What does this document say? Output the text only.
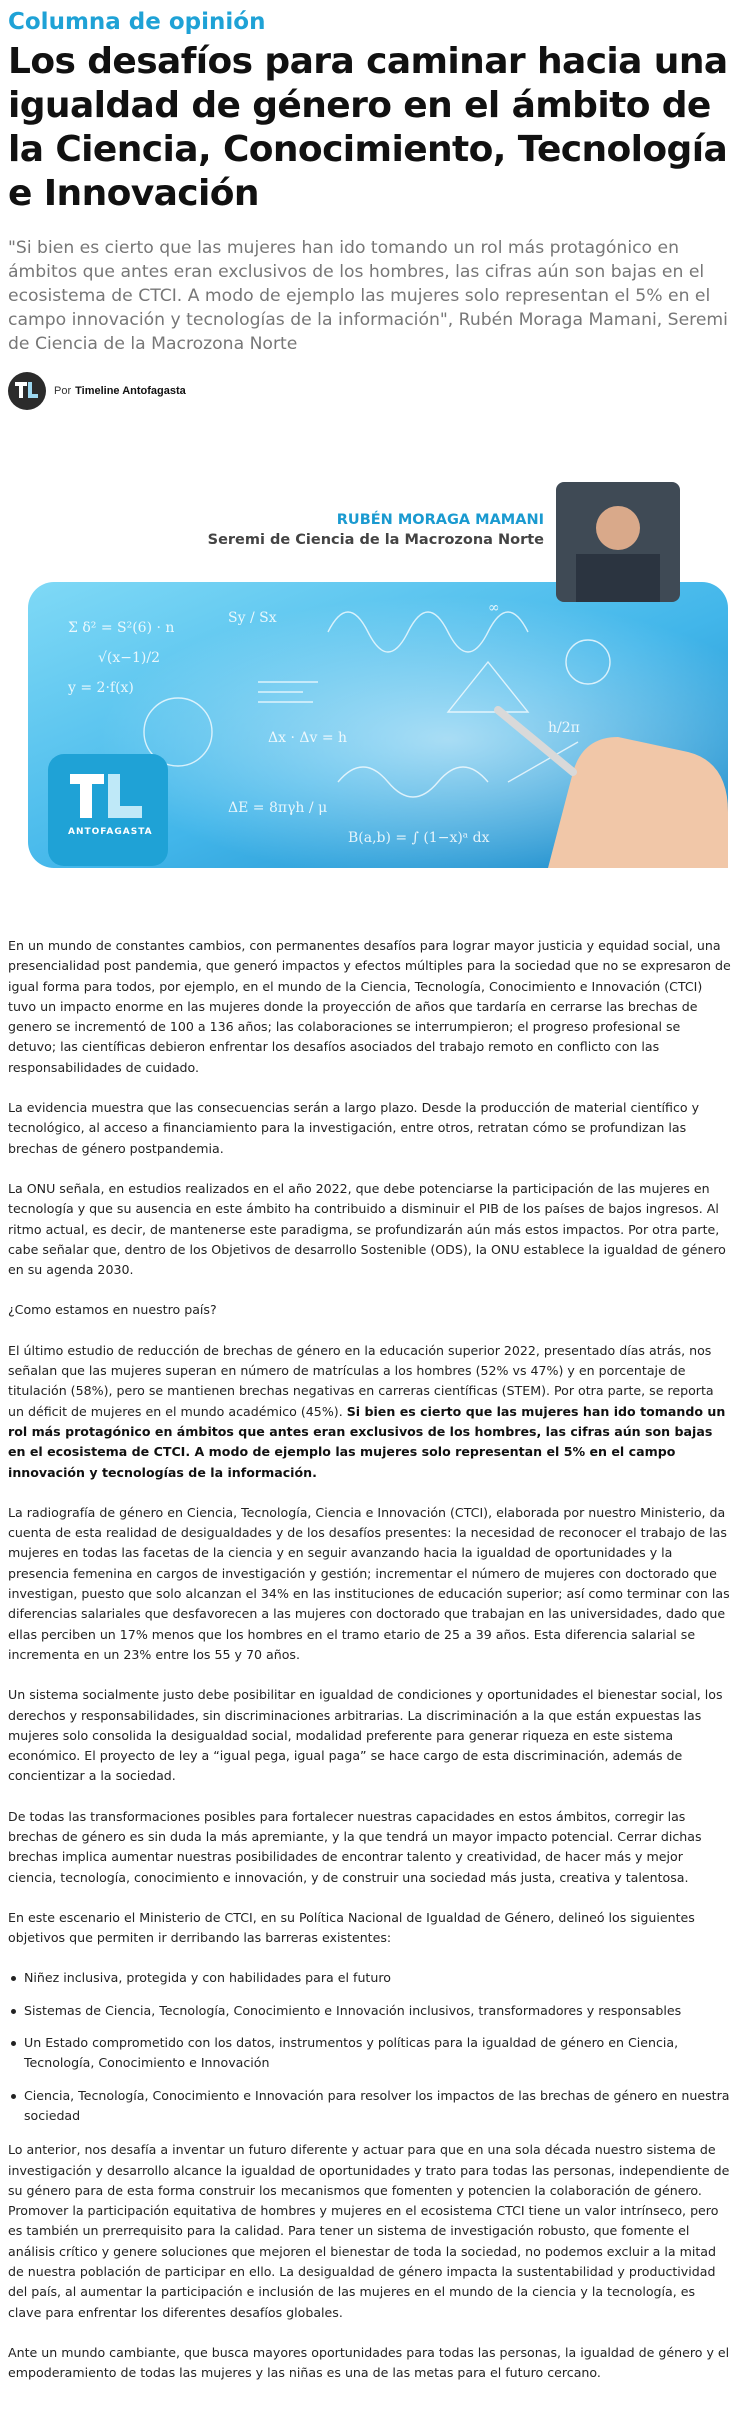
Columna de opinión
Los desafíos para caminar hacia una igualdad de género en el ámbito de la Ciencia, Conocimiento, Tecnología e Innovación

"Si bien es cierto que las mujeres han ido tomando un rol más protagónico en ámbitos que antes eran exclusivos de los hombres, las cifras aún son bajas en el ecosistema de CTCI. A modo de ejemplo las mujeres solo representan el 5% en el campo innovación y tecnologías de la información", Rubén Moraga Mamani, Seremi de Ciencia de la Macrozona Norte

Por Timeline Antofagasta
Σ δ² = S²(6) · n
√(x−1)/2
y = 2·f(x)
Sy / Sx
Δx · Δv = h
ΔE = 8πγh / μ
B(a,b) = ∫ (1−x)ᵃ dx
∞
h/2π
RUBÉN MORAGA MAMANI
Seremi de Ciencia de la Macrozona Norte
ANTOFAGASTA

En un mundo de constantes cambios, con permanentes desafíos para lograr mayor justicia y equidad social, una presencialidad post pandemia, que generó impactos y efectos múltiples para la sociedad que no se expresaron de igual forma para todos, por ejemplo, en el mundo de la Ciencia, Tecnología, Conocimiento e Innovación (CTCI) tuvo un impacto enorme en las mujeres donde la proyección de años que tardaría en cerrarse las brechas de genero se incrementó de 100 a 136 años; las colaboraciones se interrumpieron; el progreso profesional se detuvo; las científicas debieron enfrentar los desafíos asociados del trabajo remoto en conflicto con las responsabilidades de cuidado.

La evidencia muestra que las consecuencias serán a largo plazo. Desde la producción de material científico y tecnológico, al acceso a financiamiento para la investigación, entre otros, retratan cómo se profundizan las brechas de género postpandemia.

La ONU señala, en estudios realizados en el año 2022, que debe potenciarse la participación de las mujeres en tecnología y que su ausencia en este ámbito ha contribuido a disminuir el PIB de los países de bajos ingresos. Al ritmo actual, es decir, de mantenerse este paradigma, se profundizarán aún más estos impactos. Por otra parte, cabe señalar que, dentro de los Objetivos de desarrollo Sostenible (ODS), la ONU establece la igualdad de género en su agenda 2030.

¿Como estamos en nuestro país?

El último estudio de reducción de brechas de género en la educación superior 2022, presentado días atrás, nos señalan que las mujeres superan en número de matrículas a los hombres (52% vs 47%) y en porcentaje de titulación (58%), pero se mantienen brechas negativas en carreras científicas (STEM). Por otra parte, se reporta un déficit de mujeres en el mundo académico (45%). Si bien es cierto que las mujeres han ido tomando un rol más protagónico en ámbitos que antes eran exclusivos de los hombres, las cifras aún son bajas en el ecosistema de CTCI. A modo de ejemplo las mujeres solo representan el 5% en el campo innovación y tecnologías de la información.

La radiografía de género en Ciencia, Tecnología, Ciencia e Innovación (CTCI), elaborada por nuestro Ministerio, da cuenta de esta realidad de desigualdades y de los desafíos presentes: la necesidad de reconocer el trabajo de las mujeres en todas las facetas de la ciencia y en seguir avanzando hacia la igualdad de oportunidades y la presencia femenina en cargos de investigación y gestión; incrementar el número de mujeres con doctorado que investigan, puesto que solo alcanzan el 34% en las instituciones de educación superior; así como terminar con las diferencias salariales que desfavorecen a las mujeres con doctorado que trabajan en las universidades, dado que ellas perciben un 17% menos que los hombres en el tramo etario de 25 a 39 años. Esta diferencia salarial se incrementa en un 23% entre los 55 y 70 años.

Un sistema socialmente justo debe posibilitar en igualdad de condiciones y oportunidades el bienestar social, los derechos y responsabilidades, sin discriminaciones arbitrarias. La discriminación a la que están expuestas las mujeres solo consolida la desigualdad social, modalidad preferente para generar riqueza en este sistema económico. El proyecto de ley a “igual pega, igual paga” se hace cargo de esta discriminación, además de concientizar a la sociedad.

De todas las transformaciones posibles para fortalecer nuestras capacidades en estos ámbitos, corregir las brechas de género es sin duda la más apremiante, y la que tendrá un mayor impacto potencial. Cerrar dichas brechas implica aumentar nuestras posibilidades de encontrar talento y creatividad, de hacer más y mejor ciencia, tecnología, conocimiento e innovación, y de construir una sociedad más justa, creativa y talentosa.

En este escenario el Ministerio de CTCI, en su Política Nacional de Igualdad de Género, delineó los siguientes objetivos que permiten ir derribando las barreras existentes:

Niñez inclusiva, protegida y con habilidades para el futuro
Sistemas de Ciencia, Tecnología, Conocimiento e Innovación inclusivos, transformadores y responsables
Un Estado comprometido con los datos, instrumentos y políticas para la igualdad de género en Ciencia, Tecnología, Conocimiento e Innovación
Ciencia, Tecnología, Conocimiento e Innovación para resolver los impactos de las brechas de género en nuestra sociedad

Lo anterior, nos desafía a inventar un futuro diferente y actuar para que en una sola década nuestro sistema de investigación y desarrollo alcance la igualdad de oportunidades y trato para todas las personas, independiente de su género para de esta forma construir los mecanismos que fomenten y potencien la colaboración de género. Promover la participación equitativa de hombres y mujeres en el ecosistema CTCI tiene un valor intrínseco, pero es también un prerrequisito para la calidad. Para tener un sistema de investigación robusto, que fomente el análisis crítico y genere soluciones que mejoren el bienestar de toda la sociedad, no podemos excluir a la mitad de nuestra población de participar en ello. La desigualdad de género impacta la sustentabilidad y productividad del país, al aumentar la participación e inclusión de las mujeres en el mundo de la ciencia y la tecnología, es clave para enfrentar los diferentes desafíos globales.

Ante un mundo cambiante, que busca mayores oportunidades para todas las personas, la igualdad de género y el empoderamiento de todas las mujeres y las niñas es una de las metas para el futuro cercano.
